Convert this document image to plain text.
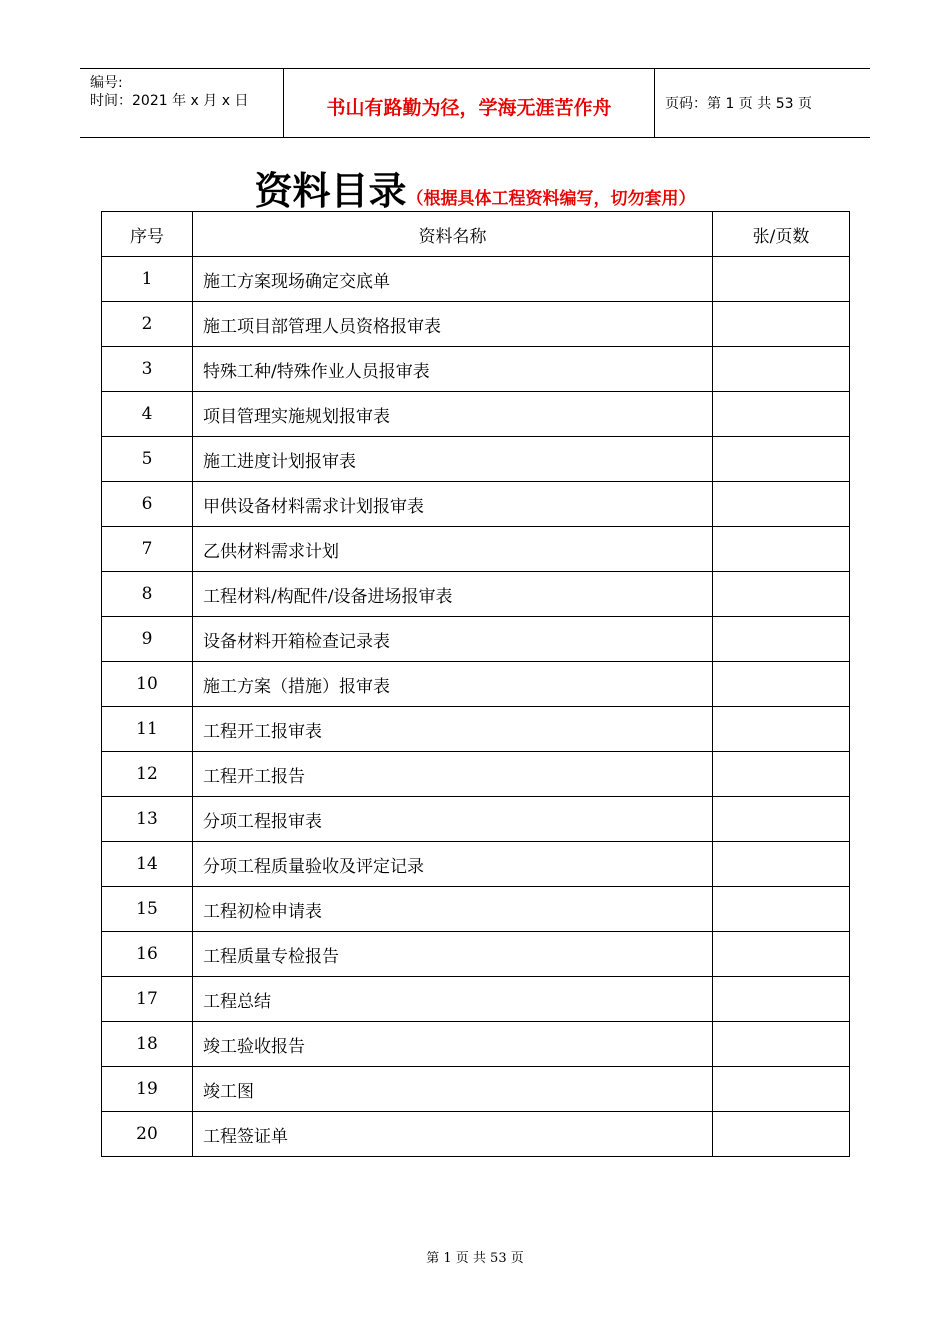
编号:
时间：2021 年 x 月 x 日	书山有路勤为径，学海无涯苦作舟	页码：第 1 页 共 53 页
资料目录（根据具体工程资料编写，切勿套用）
序号	资料名称	张/页数
1	施工方案现场确定交底单	
2	施工项目部管理人员资格报审表	
3	特殊工种/特殊作业人员报审表	
4	项目管理实施规划报审表	
5	施工进度计划报审表	
6	甲供设备材料需求计划报审表	
7	乙供材料需求计划	
8	工程材料/构配件/设备进场报审表	
9	设备材料开箱检查记录表	
10	施工方案（措施）报审表	
11	工程开工报审表	
12	工程开工报告	
13	分项工程报审表	
14	分项工程质量验收及评定记录	
15	工程初检申请表	
16	工程质量专检报告	
17	工程总结	
18	竣工验收报告	
19	竣工图	
20	工程签证单	
第 1 页 共 53 页
